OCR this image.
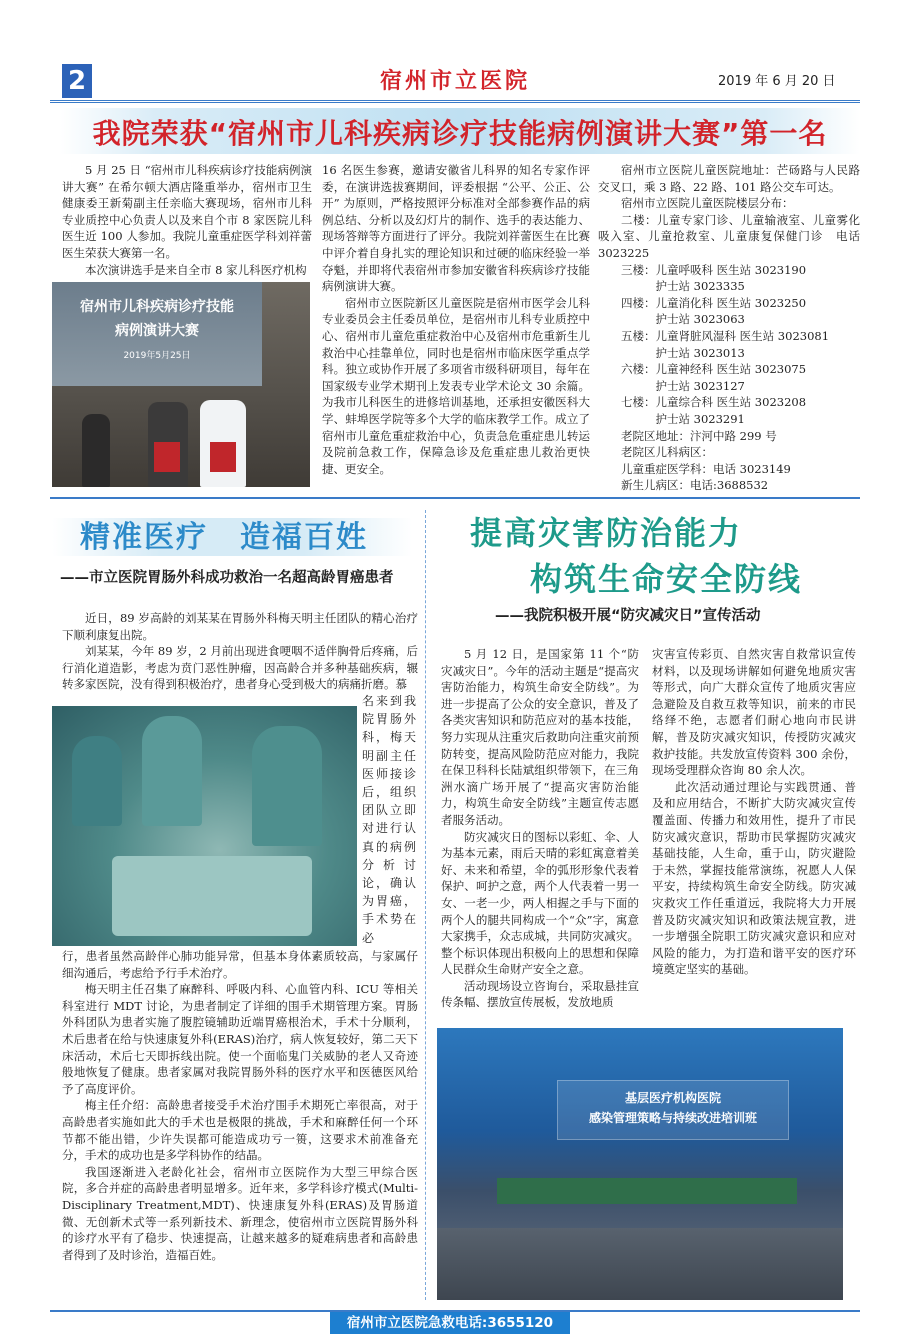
2	宿州市立医院	2019 年 6 月 20 日
我院荣获“宿州市儿科疾病诊疗技能病例演讲大赛”第一名

5 月 25 日 “宿州市儿科疾病诊疗技能病例演讲大赛” 在希尔顿大酒店隆重举办，宿州市卫生健康委王新菊副主任亲临大赛现场，宿州市儿科专业质控中心负责人以及来自个市 8 家医院儿科医生近 100 人参加。我院儿童重症医学科刘祥蕾医生荣获大赛第一名。

本次演讲选手是来自全市 8 家儿科医疗机构

宿州市儿科疾病诊疗技能
病例演讲大赛
2019年5月25日

16 名医生参赛，邀请安徽省儿科界的知名专家作评委，在演讲选拔赛期间，评委根据 “公平、公正、公开” 为原则，严格按照评分标准对全部参赛作品的病例总结、分析以及幻灯片的制作、选手的表达能力、现场答辩等方面进行了评分。我院刘祥蕾医生在比赛中评介着自身扎实的理论知识和过硬的临床经验一举夺魁，并即将代表宿州市参加安徽省科疾病诊疗技能病例演讲大赛。

宿州市立医院新区儿童医院是宿州市医学会儿科专业委员会主任委员单位，是宿州市儿科专业质控中心、宿州市儿童危重症救治中心及宿州市危重新生儿救治中心挂靠单位，同时也是宿州市临床医学重点学科。独立或协作开展了多项省市级科研项目，每年在国家级专业学术期刊上发表专业学术论文 30 余篇。为我市儿科医生的进修培训基地，还承担安徽医科大学、蚌埠医学院等多个大学的临床教学工作。成立了宿州市儿童危重症救治中心，负责急危重症患儿转运及院前急救工作，保障急诊及危重症患儿救治更快捷、更安全。

宿州市立医院儿童医院地址：芒砀路与人民路交叉口，乘 3 路、22 路、101 路公交车可达。

宿州市立医院儿童医院楼层分布：

二楼：儿童专家门诊、儿童输液室、儿童雾化吸入室、儿童抢救室、儿童康复保健门诊　电话 3023225

三楼：儿童呼吸科 医生站 3023190

　　　护士站 3023335

四楼：儿童消化科 医生站 3023250

　　　护士站 3023063

五楼：儿童肾脏风湿科 医生站 3023081

　　　护士站 3023013

六楼：儿童神经科 医生站 3023075

　　　护士站 3023127

七楼：儿童综合科 医生站 3023208

　　　护士站 3023291

老院区地址：汴河中路 299 号

老院区儿科病区：

儿童重症医学科：电话 3023149

新生儿病区：电话:3688532

精准医疗　造福百姓
——市立医院胃肠外科成功救治一名超高龄胃癌患者

近日，89 岁高龄的刘某某在胃肠外科梅天明主任团队的精心治疗下顺利康复出院。

刘某某，今年 89 岁，2 月前出现进食哽咽不适伴胸骨后疼痛，后行消化道造影，考虑为贲门恶性肿瘤，因高龄合并多种基础疾病，辗转多家医院，没有得到积极治疗，患者身心受到极大的病痛折磨。慕

名来到我院胃肠外科，梅天明副主任医师接诊后，组织团队立即对进行认真的病例分析讨论，确认为胃癌，手术势在必

行，患者虽然高龄伴心肺功能异常，但基本身体素质较高，与家属仔细沟通后，考虑给予行手术治疗。

梅天明主任召集了麻醉科、呼吸内科、心血管内科、ICU 等相关科室进行 MDT 讨论，为患者制定了详细的围手术期管理方案。胃肠外科团队为患者实施了腹腔镜辅助近端胃癌根治术，手术十分顺利，术后患者在给与快速康复外科(ERAS)治疗，病人恢复较好，第二天下床活动，术后七天即拆线出院。使一个面临鬼门关威胁的老人又奇迹般地恢复了健康。患者家属对我院胃肠外科的医疗水平和医德医风给予了高度评价。

梅主任介绍：高龄患者接受手术治疗围手术期死亡率很高，对于高龄患者实施如此大的手术也是极限的挑战，手术和麻醉任何一个环节都不能出错，少许失误都可能造成功亏一篑，这要求术前准备充分，手术的成功也是多学科协作的结晶。

我国逐渐进入老龄化社会，宿州市立医院作为大型三甲综合医院，多合并症的高龄患者明显增多。近年来，多学科诊疗模式(Multi-Disciplinary Treatment,MDT)、快速康复外科(ERAS)及胃肠道微、无创新术式等一系列新技术、新理念，使宿州市立医院胃肠外科的诊疗水平有了稳步、快速提高，让越来越多的疑难病患者和高龄患者得到了及时诊治，造福百姓。

提高灾害防治能力
构筑生命安全防线
——我院积极开展“防灾减灾日”宣传活动

5 月 12 日，是国家第 11 个“防灾减灾日”。今年的活动主题是“提高灾害防治能力，构筑生命安全防线”。为进一步提高了公众的安全意识，普及了各类灾害知识和防范应对的基本技能，努力实现从注重灾后救助向注重灾前预防转变，提高风险防范应对能力，我院在保卫科科长陆斌组织带领下，在三角洲水滴广场开展了“提高灾害防治能力，构筑生命安全防线”主题宣传志愿者服务活动。

防灾减灾日的图标以彩虹、伞、人为基本元素，雨后天晴的彩虹寓意着美好、未来和希望，伞的弧形形象代表着保护、呵护之意，两个人代表着一男一女、一老一少，两人相握之手与下面的两个人的腿共同构成一个“众”字，寓意大家携手，众志成城，共同防灾减灾。整个标识体现出积极向上的思想和保障人民群众生命财产安全之意。

活动现场设立咨询台，采取悬挂宣传条幅、摆放宣传展板，发放地质

灾害宣传彩页、自然灾害自救常识宣传材料，以及现场讲解如何避免地质灾害等形式，向广大群众宣传了地质灾害应急避险及自救互救等知识，前来的市民络绎不绝，志愿者们耐心地向市民讲解，普及防灾减灾知识，传授防灾减灾救护技能。共发放宣传资料 300 余份，现场受理群众咨询 80 余人次。

此次活动通过理论与实践贯通、普及和应用结合，不断扩大防灾减灾宣传覆盖面、传播力和效用性，提升了市民防灾减灾意识，帮助市民掌握防灾减灾基础技能，人生命，重于山，防灾避险于未然，掌握技能常演练，祝愿人人保平安，持续构筑生命安全防线。防灾减灾救灾工作任重道远，我院将大力开展普及防灾减灾知识和政策法规宣教，进一步增强全院职工防灾减灾意识和应对风险的能力，为打造和谐平安的医疗环境奠定坚实的基础。

基层医疗机构医院
感染管理策略与持续改进培训班
宿州市立医院急救电话:3655120
